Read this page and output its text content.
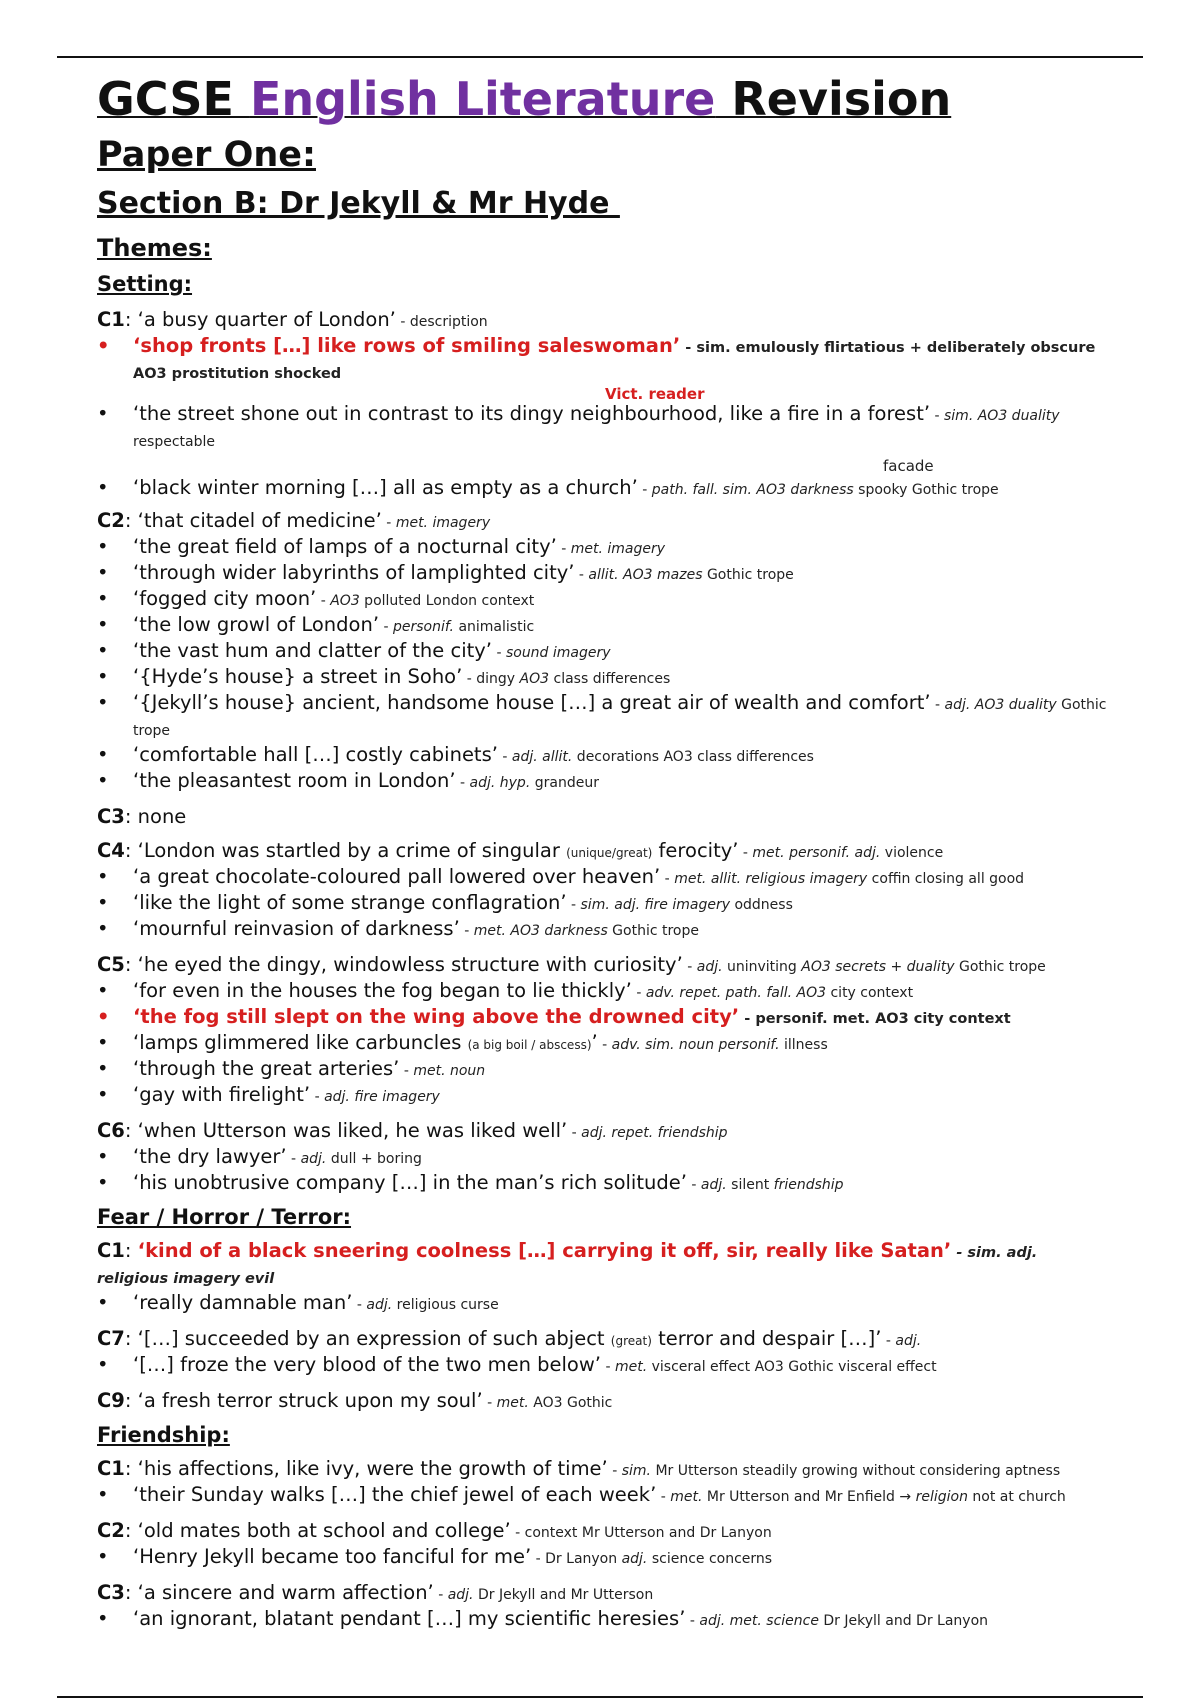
GCSE English Literature Revision
Paper One:
Section B: Dr Jekyll & Mr Hyde
Themes:
Setting:
C1: ‘a busy quarter of London’ - description
• ‘shop fronts […] like rows of smiling saleswoman’ - sim. emulously flirtatious + deliberately obscure AO3 prostitution shocked
Vict. reader
• ‘the street shone out in contrast to its dingy neighbourhood, like a fire in a forest’ - sim. AO3 duality respectable
facade
• ‘black winter morning […] all as empty as a church’ - path. fall. sim. AO3 darkness spooky Gothic trope
C2: ‘that citadel of medicine’ - met. imagery
• ‘the great field of lamps of a nocturnal city’ - met. imagery
• ‘through wider labyrinths of lamplighted city’ - allit. AO3 mazes Gothic trope
• ‘fogged city moon’ - AO3 polluted London context
• ‘the low growl of London’ - personif. animalistic
• ‘the vast hum and clatter of the city’ - sound imagery
• ‘{Hyde’s house} a street in Soho’ - dingy AO3 class differences
• ‘{Jekyll’s house} ancient, handsome house […] a great air of wealth and comfort’ - adj. AO3 duality Gothic trope
• ‘comfortable hall […] costly cabinets’ - adj. allit. decorations AO3 class differences
• ‘the pleasantest room in London’ - adj. hyp. grandeur
C3: none
C4: ‘London was startled by a crime of singular (unique/great) ferocity’ - met. personif. adj. violence
• ‘a great chocolate-coloured pall lowered over heaven’ - met. allit. religious imagery coffin closing all good
• ‘like the light of some strange conflagration’ - sim. adj. fire imagery oddness
• ‘mournful reinvasion of darkness’ - met. AO3 darkness Gothic trope
C5: ‘he eyed the dingy, windowless structure with curiosity’ - adj. uninviting AO3 secrets + duality Gothic trope
• ‘for even in the houses the fog began to lie thickly’ - adv. repet. path. fall. AO3 city context
• ‘the fog still slept on the wing above the drowned city’ - personif. met. AO3 city context
• ‘lamps glimmered like carbuncles (a big boil / abscess)’ - adv. sim. noun personif. illness
• ‘through the great arteries’ - met. noun
• ‘gay with firelight’ - adj. fire imagery
C6: ‘when Utterson was liked, he was liked well’ - adj. repet. friendship
• ‘the dry lawyer’ - adj. dull + boring
• ‘his unobtrusive company […] in the man’s rich solitude’ - adj. silent friendship
Fear / Horror / Terror:
C1: ‘kind of a black sneering coolness […] carrying it off, sir, really like Satan’ - sim. adj. religious imagery evil
• ‘really damnable man’ - adj. religious curse
C7: ‘[…] succeeded by an expression of such abject (great) terror and despair […]’ - adj.
• ‘[…] froze the very blood of the two men below’ - met. visceral effect AO3 Gothic visceral effect
C9: ‘a fresh terror struck upon my soul’ - met. AO3 Gothic
Friendship:
C1: ‘his affections, like ivy, were the growth of time’ - sim. Mr Utterson steadily growing without considering aptness
• ‘their Sunday walks […] the chief jewel of each week’ - met. Mr Utterson and Mr Enfield → religion not at church
C2: ‘old mates both at school and college’ - context Mr Utterson and Dr Lanyon
• ‘Henry Jekyll became too fanciful for me’ - Dr Lanyon adj. science concerns
C3: ‘a sincere and warm affection’ - adj. Dr Jekyll and Mr Utterson
• ‘an ignorant, blatant pendant […] my scientific heresies’ - adj. met. science Dr Jekyll and Dr Lanyon
